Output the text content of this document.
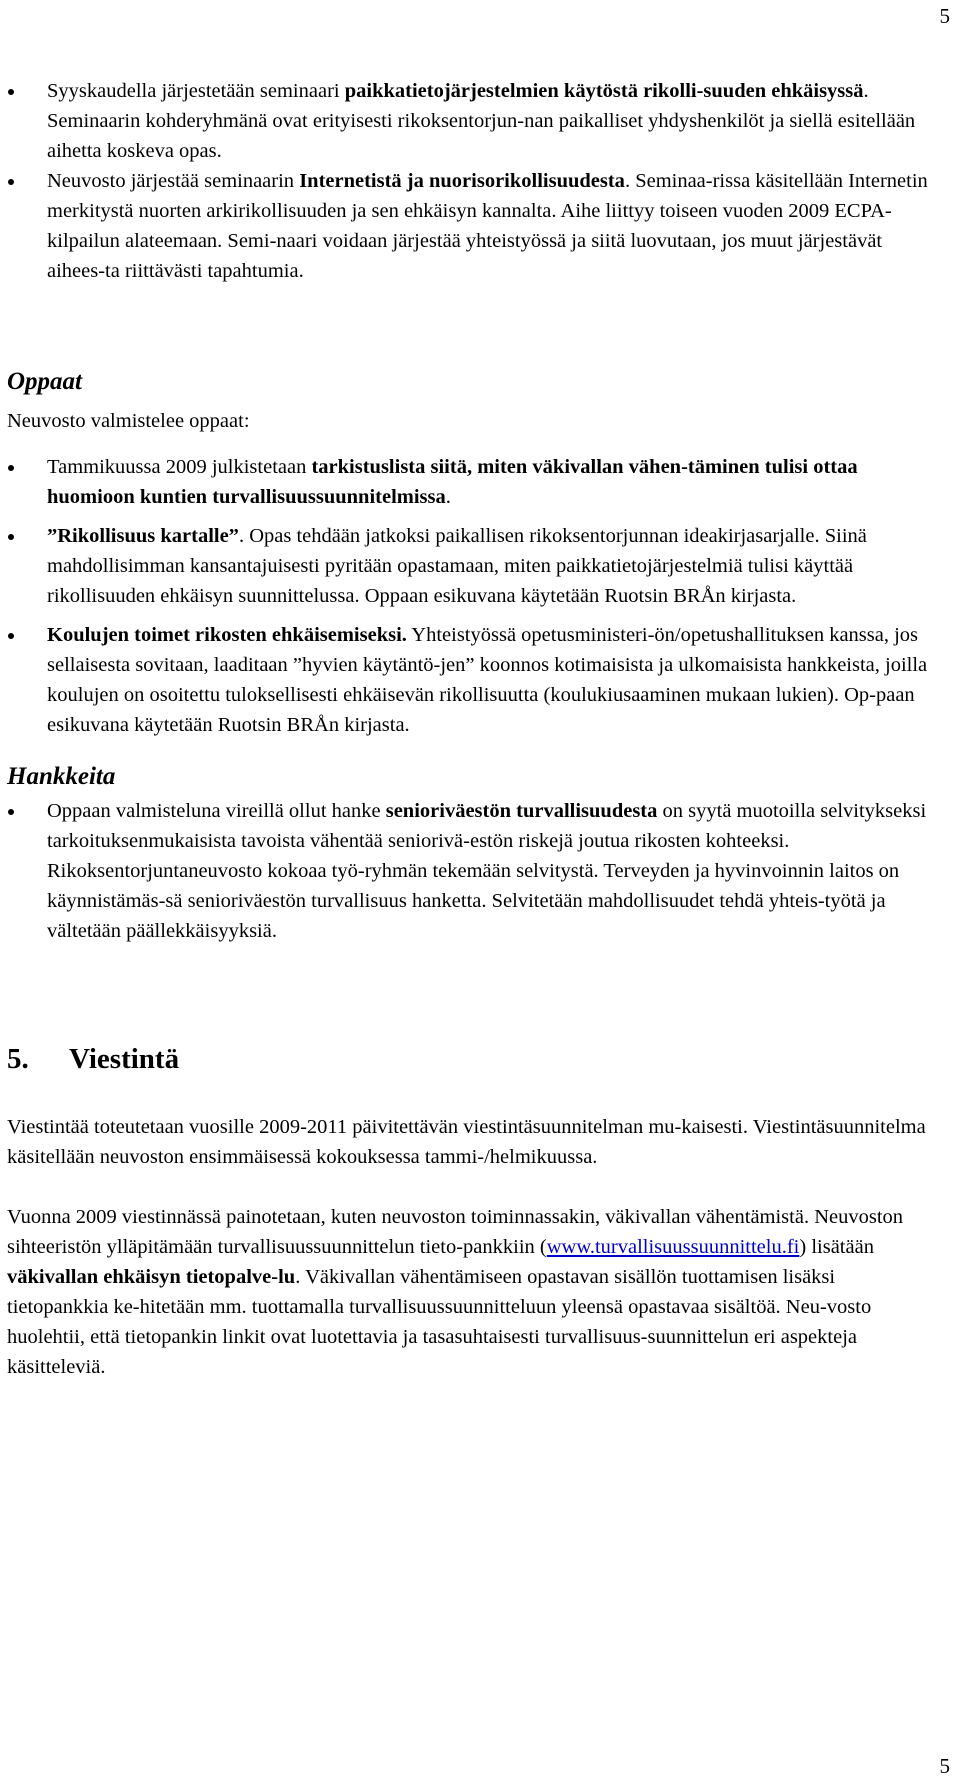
5
Syyskaudella järjestetään seminaari paikkatietojärjestelmien käytöstä rikolli-suuden ehkäisyssä. Seminaarin kohderyhmänä ovat erityisesti rikoksentorjun-nan paikalliset yhdyshenkilöt ja siellä esitellään aihetta koskeva opas.
Neuvosto järjestää seminaarin Internetistä ja nuorisorikollisuudesta. Seminaa-rissa käsitellään Internetin merkitystä nuorten arkirikollisuuden ja sen ehkäisyn kannalta. Aihe liittyy toiseen vuoden 2009 ECPA-kilpailun alateemaan. Semi-naari voidaan järjestää yhteistyössä ja siitä luovutaan, jos muut järjestävät aihees-ta riittävästi tapahtumia.
Oppaat

Neuvosto valmistelee oppaat:

Tammikuussa 2009 julkistetaan tarkistuslista siitä, miten väkivallan vähen-täminen tulisi ottaa huomioon kuntien turvallisuussuunnitelmissa.
”Rikollisuus kartalle”. Opas tehdään jatkoksi paikallisen rikoksentorjunnan ideakirjasarjalle. Siinä mahdollisimman kansantajuisesti pyritään opastamaan, miten paikkatietojärjestelmiä tulisi käyttää rikollisuuden ehkäisyn suunnittelussa. Oppaan esikuvana käytetään Ruotsin BRÅn kirjasta.
Koulujen toimet rikosten ehkäisemiseksi. Yhteistyössä opetusministeri-ön/opetushallituksen kanssa, jos sellaisesta sovitaan, laaditaan ”hyvien käytäntö-jen” koonnos kotimaisista ja ulkomaisista hankkeista, joilla koulujen on osoitettu tuloksellisesti ehkäisevän rikollisuutta (koulukiusaaminen mukaan lukien). Op-paan esikuvana käytetään Ruotsin BRÅn kirjasta.
Hankkeita
Oppaan valmisteluna vireillä ollut hanke senioriväestön turvallisuudesta on syytä muotoilla selvitykseksi tarkoituksenmukaisista tavoista vähentää seniorivä-estön riskejä joutua rikosten kohteeksi. Rikoksentorjuntaneuvosto kokoaa työ-ryhmän tekemään selvitystä. Terveyden ja hyvinvoinnin laitos on käynnistämäs-sä senioriväestön turvallisuus hanketta. Selvitetään mahdollisuudet tehdä yhteis-työtä ja vältetään päällekkäisyyksiä.
5. Viestintä

Viestintää toteutetaan vuosille 2009-2011 päivitettävän viestintäsuunnitelman mu-kaisesti. Viestintäsuunnitelma käsitellään neuvoston ensimmäisessä kokouksessa tammi-/helmikuussa.

Vuonna 2009 viestinnässä painotetaan, kuten neuvoston toiminnassakin, väkivallan vähentämistä. Neuvoston sihteeristön ylläpitämään turvallisuussuunnittelun tieto-pankkiin (www.turvallisuussuunnittelu.fi) lisätään väkivallan ehkäisyn tietopalve-lu. Väkivallan vähentämiseen opastavan sisällön tuottamisen lisäksi tietopankkia ke-hitetään mm. tuottamalla turvallisuussuunnitteluun yleensä opastavaa sisältöä. Neu-vosto huolehtii, että tietopankin linkit ovat luotettavia ja tasasuhtaisesti turvallisuus-suunnittelun eri aspekteja käsitteleviä.

5
